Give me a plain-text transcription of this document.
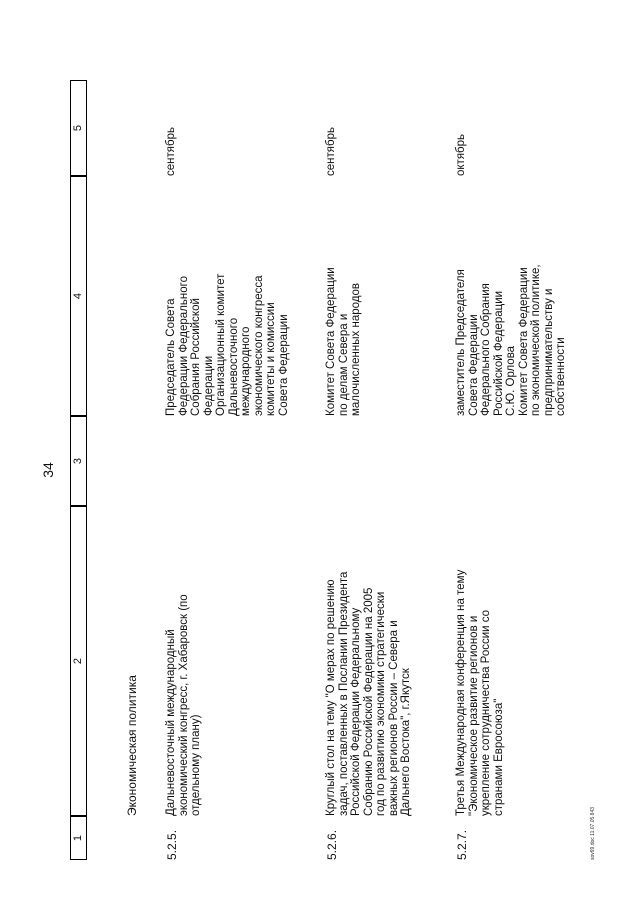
34
1
2
3
4
5
Экономическая политика
5.2.5.
Дальневосточный международный экономический конгресс, г. Хабаровск (по отдельному плану)
Председатель Совета Федерации Федерального Собрания Российской Федерации Организационный комитет Дальневосточного международного экономического конгресса комитеты и комиссии Совета Федерации
сентябрь
5.2.6.
Круглый стол на тему "О мерах по решению задач, поставленных в Послании Президента Российской Федерации Федеральному Собранию Российской Федерации на 2005 год по развитию экономики стратегически важных регионов России – Севера и Дальнего Востока", г.Якутск
Комитет Совета Федерации по делам Севера и малочисленных народов
сентябрь
5.2.7.
Третья Международная конференция на тему "Экономическое развитие регионов и укрепление сотрудничества России со странами Евросоюза"
заместитель Председателя Совета Федерации Федерального Собрания Российской Федерации С.Ю. Орлова Комитет Совета Федерации по экономической политике, предпринимательству и собственности
октябрь
sov99.doc 11.07.05 843
